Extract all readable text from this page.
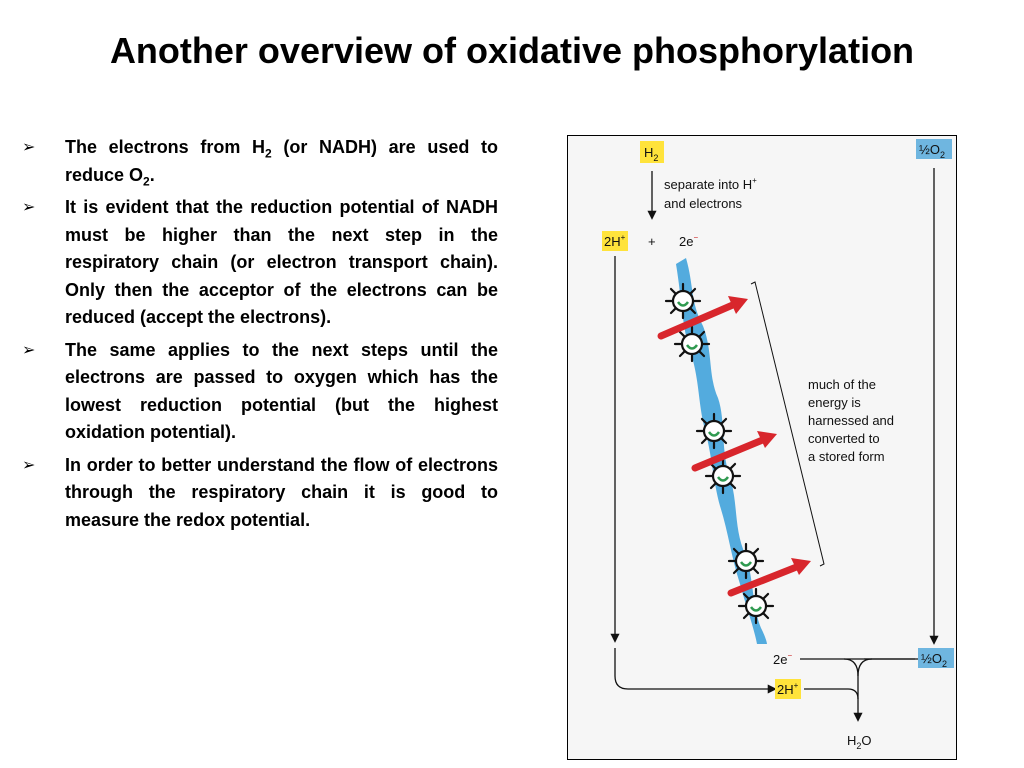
Another overview of oxidative phosphorylation
➢ The electrons from $H_2$ (or NADH) are used to reduce $O_2$.
➢ It is evident that the reduction potential of NADH must be higher than the next step in the respiratory chain (or electron transport chain). Only then the acceptor of the electrons can be reduced (accept the electrons).
➢ The same applies to the next steps until the electrons are passed to oxygen which has the lowest reduction potential (but the highest oxidation potential).
➢ In order to better understand the flow of electrons through the respiratory chain it is good to measure the redox potential.
$H_2$
$\frac{1}{2}O_2$
separate into H+
and electrons
2H+ + 2e−
2e−
much of the
energy is
harnessed and
converted to
a stored form
2H+
$\frac{1}{2}O_2$
$H_2O$
